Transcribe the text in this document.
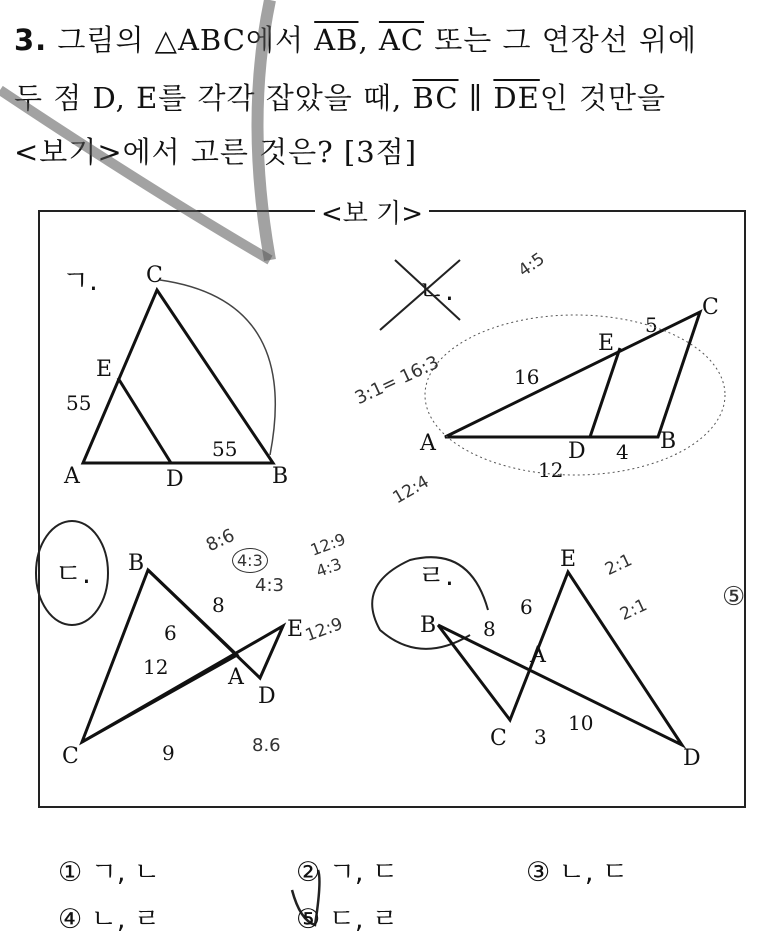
3. 그림의 △ABC에서 $\overline{AB}$, $\overline{AC}$ 또는 그 연장선 위에
두 점 D, E를 각각 잡았을 때, $\overline{BC}$ ∥ $\overline{DE}$인 것만을
<보기>에서 고른 것은? [3점]
<보 기>
ㄱ.
A	B
C
D
E
55
55
ㄴ.
A	B
C
D
E
16
5
4
12
ㄷ.
A
B
C
D
E
8
6
12
9
ㄹ.
A
B
C
D
E
8
6
3
10
4:5
3:1= 16:3
12:4
8:6
4:3
4:3
12:9
4:3
12:9
8.6
2:1
2:1	⑤
① ㄱ, ㄴ	② ㄱ, ㄷ	③ ㄴ, ㄷ
④ ㄴ, ㄹ	⑤ ㄷ, ㄹ
